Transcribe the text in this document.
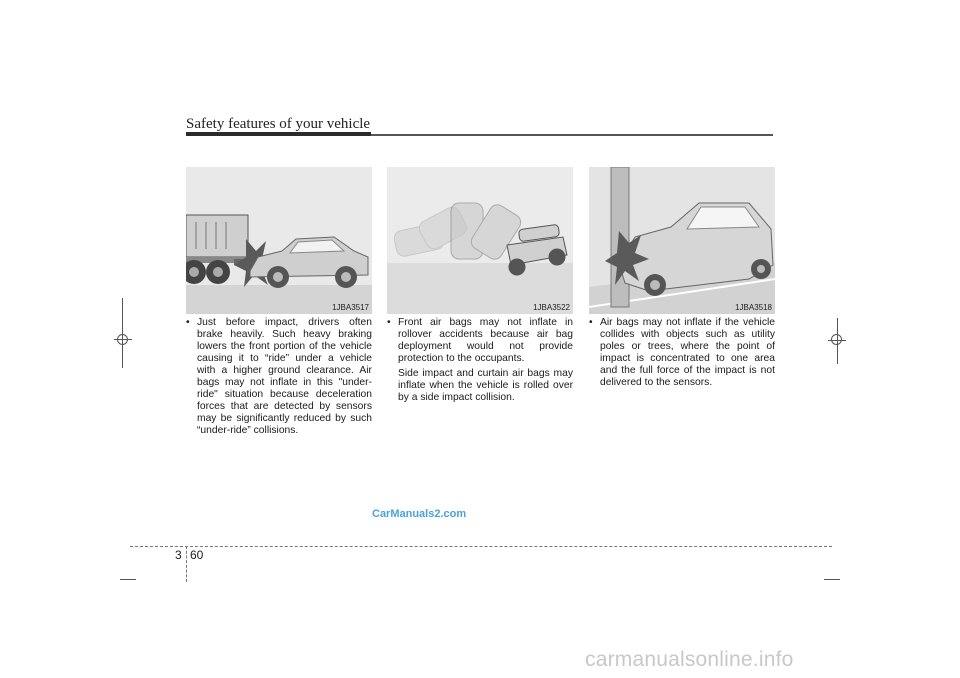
Safety features of your vehicle
1JBA3517	1JBA3522	1JBA3518

• Just before impact, drivers often brake heavily. Such heavy braking lowers the front portion of the vehicle causing it to “ride” under a vehicle with a higher ground clearance. Air bags may not inflate in this "under-ride" situation because deceleration forces that are detected by sensors may be significantly reduced by such “under-ride” collisions.

• Front air bags may not inflate in rollover accidents because air bag deployment would not provide protection to the occupants.

Side impact and curtain air bags may inflate when the vehicle is rolled over by a side impact collision.

• Air bags may not inflate if the vehicle collides with objects such as utility poles or trees, where the point of impact is concentrated to one area and the full force of the impact is not delivered to the sensors.

CarManuals2.com
3 60
carmanualsonline.info
